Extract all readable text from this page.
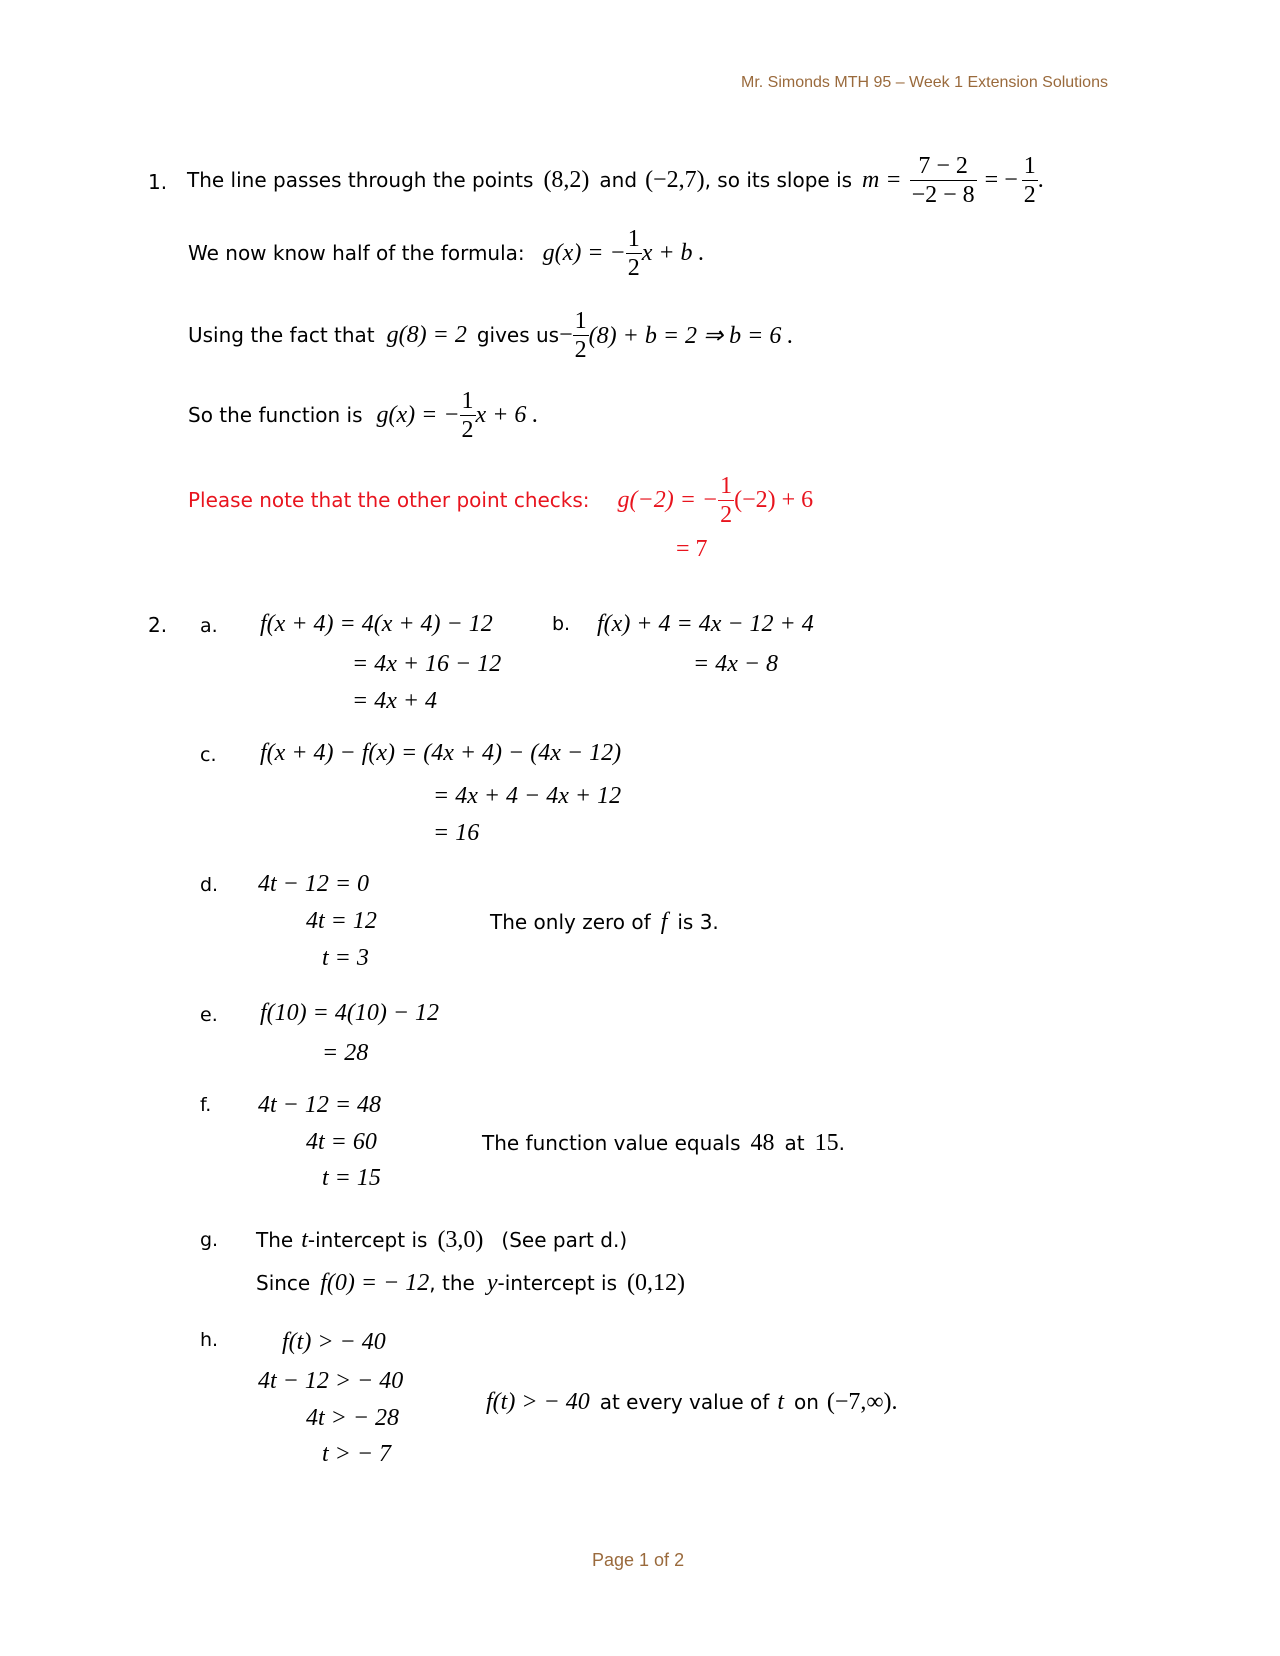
Mr. Simonds MTH 95 – Week 1 Extension Solutions
1. The line passes through the points (8,2) and (−2,7) , so its slope is $m = \frac{7 - 2}{-2 - 8}$ = − $\frac{1}{2}$ .
We now know half of the formula: g(x) = − $\frac{1}{2}$ x + b .
Using the fact that g(8) = 2 gives us − $\frac{1}{2} (8) + b = 2$ ⇒ b = 6 .
So the function is g(x) = − $\frac{1}{2}$ x + 6 .
Please note that the other point checks: g(−2) = − $\frac{1}{2} (-2) + 6$
= 7
2. a. f(x + 4) = 4(x + 4) − 12
= 4x + 16 − 12
= 4x + 4
b. f(x) + 4 = 4x − 12 + 4
= 4x − 8
c. f(x + 4) − f(x) = (4x + 4) − (4x − 12)
= 4x + 4 − 4x + 12
= 16
d. 4t − 12 = 0
4t = 12
t = 3
The only zero of f is 3.
e. f(10) = 4(10) − 12
= 28
f. 4t − 12 = 48
4t = 60
t = 15
The function value equals 48 at 15 .
g. The t -intercept is (3,0) (See part d.)
Since f(0) = − 12 , the y -intercept is (0,12)
h.	f(t) > − 40
4t − 12 > − 40
4t > − 28
t > − 7
f(t) > − 40 at every value of t on (−7,∞) .
Page 1 of 2
